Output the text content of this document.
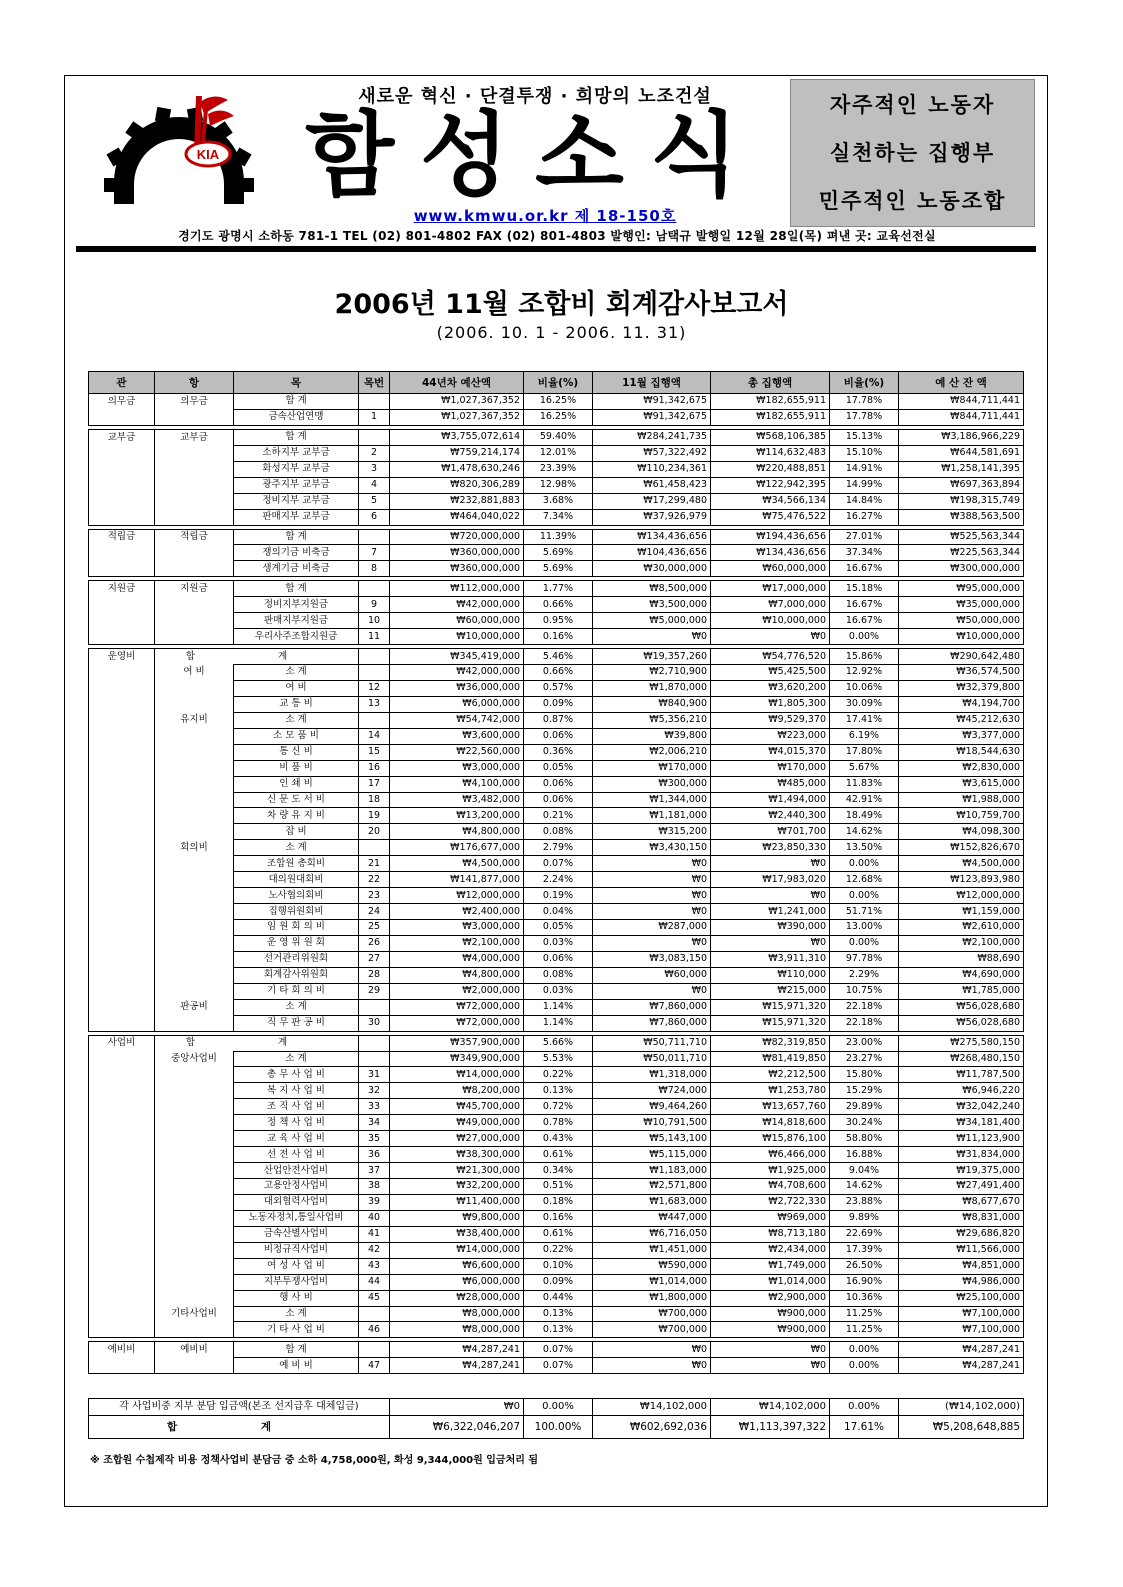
KIA
새로운 혁신 · 단결투쟁 · 희망의 노조건설
함성소식
www.kmwu.or.kr 제 18-150호
자주적인 노동자
실천하는 집행부
민주적인 노동조합
경기도 광명시 소하동 781-1 TEL (02) 801-4802 FAX (02) 801-4803 발행인: 남택규 발행일 12월 28일(목) 펴낸 곳: 교육선전실
2006년 11월 조합비 회계감사보고서
(2006. 10. 1 - 2006. 11. 31)
관	항	목	목번	44년차 예산액	비율(%)	11월 집행액	총 집행액	비율(%)	예 산 잔 액
의무금	의무금	합 계		₩1,027,367,352	16.25%	₩91,342,675	₩182,655,911	17.78%	₩844,711,441
		금속산업연맹	1	₩1,027,367,352	16.25%	₩91,342,675	₩182,655,911	17.78%	₩844,711,441

교부금	교부금	합 계		₩3,755,072,614	59.40%	₩284,241,735	₩568,106,385	15.13%	₩3,186,966,229
		소하지부 교부금	2	₩759,214,174	12.01%	₩57,322,492	₩114,632,483	15.10%	₩644,581,691
		화성지부 교부금	3	₩1,478,630,246	23.39%	₩110,234,361	₩220,488,851	14.91%	₩1,258,141,395
		광주지부 교부금	4	₩820,306,289	12.98%	₩61,458,423	₩122,942,395	14.99%	₩697,363,894
		정비지부 교부금	5	₩232,881,883	3.68%	₩17,299,480	₩34,566,134	14.84%	₩198,315,749
		판매지부 교부금	6	₩464,040,022	7.34%	₩37,926,979	₩75,476,522	16.27%	₩388,563,500

적립금	적립금	합 계		₩720,000,000	11.39%	₩134,436,656	₩194,436,656	27.01%	₩525,563,344
		쟁의기금 비축금	7	₩360,000,000	5.69%	₩104,436,656	₩134,436,656	37.34%	₩225,563,344
		생계기금 비축금	8	₩360,000,000	5.69%	₩30,000,000	₩60,000,000	16.67%	₩300,000,000

지원금	지원금	합 계		₩112,000,000	1.77%	₩8,500,000	₩17,000,000	15.18%	₩95,000,000
		정비지부지원금	9	₩42,000,000	0.66%	₩3,500,000	₩7,000,000	16.67%	₩35,000,000
		판매지부지원금	10	₩60,000,000	0.95%	₩5,000,000	₩10,000,000	16.67%	₩50,000,000
		우리사주조합지원금	11	₩10,000,000	0.16%	₩0	₩0	0.00%	₩10,000,000

운영비	합 계			₩345,419,000	5.46%	₩19,357,260	₩54,776,520	15.86%	₩290,642,480
	여 비	소 계		₩42,000,000	0.66%	₩2,710,900	₩5,425,500	12.92%	₩36,574,500
		여 비	12	₩36,000,000	0.57%	₩1,870,000	₩3,620,200	10.06%	₩32,379,800
		교 통 비	13	₩6,000,000	0.09%	₩840,900	₩1,805,300	30.09%	₩4,194,700
	유지비	소 계		₩54,742,000	0.87%	₩5,356,210	₩9,529,370	17.41%	₩45,212,630
		소 모 품 비	14	₩3,600,000	0.06%	₩39,800	₩223,000	6.19%	₩3,377,000
		통 신 비	15	₩22,560,000	0.36%	₩2,006,210	₩4,015,370	17.80%	₩18,544,630
		비 품 비	16	₩3,000,000	0.05%	₩170,000	₩170,000	5.67%	₩2,830,000
		인 쇄 비	17	₩4,100,000	0.06%	₩300,000	₩485,000	11.83%	₩3,615,000
		신 문 도 서 비	18	₩3,482,000	0.06%	₩1,344,000	₩1,494,000	42.91%	₩1,988,000
		차 량 유 지 비	19	₩13,200,000	0.21%	₩1,181,000	₩2,440,300	18.49%	₩10,759,700
		잡 비	20	₩4,800,000	0.08%	₩315,200	₩701,700	14.62%	₩4,098,300
	회의비	소 계		₩176,677,000	2.79%	₩3,430,150	₩23,850,330	13.50%	₩152,826,670
		조합원 총회비	21	₩4,500,000	0.07%	₩0	₩0	0.00%	₩4,500,000
		대의원대회비	22	₩141,877,000	2.24%	₩0	₩17,983,020	12.68%	₩123,893,980
		노사협의회비	23	₩12,000,000	0.19%	₩0	₩0	0.00%	₩12,000,000
		집행위원회비	24	₩2,400,000	0.04%	₩0	₩1,241,000	51.71%	₩1,159,000
		임 원 회 의 비	25	₩3,000,000	0.05%	₩287,000	₩390,000	13.00%	₩2,610,000
		운 영 위 원 회	26	₩2,100,000	0.03%	₩0	₩0	0.00%	₩2,100,000
		선거관리위원회	27	₩4,000,000	0.06%	₩3,083,150	₩3,911,310	97.78%	₩88,690
		회계감사위원회	28	₩4,800,000	0.08%	₩60,000	₩110,000	2.29%	₩4,690,000
		기 타 회 의 비	29	₩2,000,000	0.03%	₩0	₩215,000	10.75%	₩1,785,000
	판공비	소 계		₩72,000,000	1.14%	₩7,860,000	₩15,971,320	22.18%	₩56,028,680
		직 무 판 공 비	30	₩72,000,000	1.14%	₩7,860,000	₩15,971,320	22.18%	₩56,028,680

사업비	합 계			₩357,900,000	5.66%	₩50,711,710	₩82,319,850	23.00%	₩275,580,150
	중앙사업비	소 계		₩349,900,000	5.53%	₩50,011,710	₩81,419,850	23.27%	₩268,480,150
		총 무 사 업 비	31	₩14,000,000	0.22%	₩1,318,000	₩2,212,500	15.80%	₩11,787,500
		복 지 사 업 비	32	₩8,200,000	0.13%	₩724,000	₩1,253,780	15.29%	₩6,946,220
		조 직 사 업 비	33	₩45,700,000	0.72%	₩9,464,260	₩13,657,760	29.89%	₩32,042,240
		정 책 사 업 비	34	₩49,000,000	0.78%	₩10,791,500	₩14,818,600	30.24%	₩34,181,400
		교 육 사 업 비	35	₩27,000,000	0.43%	₩5,143,100	₩15,876,100	58.80%	₩11,123,900
		선 전 사 업 비	36	₩38,300,000	0.61%	₩5,115,000	₩6,466,000	16.88%	₩31,834,000
		산업안전사업비	37	₩21,300,000	0.34%	₩1,183,000	₩1,925,000	9.04%	₩19,375,000
		고용안정사업비	38	₩32,200,000	0.51%	₩2,571,800	₩4,708,600	14.62%	₩27,491,400
		대외협력사업비	39	₩11,400,000	0.18%	₩1,683,000	₩2,722,330	23.88%	₩8,677,670
		노동자정치,통일사업비	40	₩9,800,000	0.16%	₩447,000	₩969,000	9.89%	₩8,831,000
		금속산별사업비	41	₩38,400,000	0.61%	₩6,716,050	₩8,713,180	22.69%	₩29,686,820
		비정규직사업비	42	₩14,000,000	0.22%	₩1,451,000	₩2,434,000	17.39%	₩11,566,000
		여 성 사 업 비	43	₩6,600,000	0.10%	₩590,000	₩1,749,000	26.50%	₩4,851,000
		지부투쟁사업비	44	₩6,000,000	0.09%	₩1,014,000	₩1,014,000	16.90%	₩4,986,000
		행 사 비	45	₩28,000,000	0.44%	₩1,800,000	₩2,900,000	10.36%	₩25,100,000
	기타사업비	소 계		₩8,000,000	0.13%	₩700,000	₩900,000	11.25%	₩7,100,000
		기 타 사 업 비	46	₩8,000,000	0.13%	₩700,000	₩900,000	11.25%	₩7,100,000

예비비	예비비	합 계		₩4,287,241	0.07%	₩0	₩0	0.00%	₩4,287,241
		예 비 비	47	₩4,287,241	0.07%	₩0	₩0	0.00%	₩4,287,241
각 사업비중 지부 분담 입금액(본조 선지급후 대체입금)	₩0	0.00%	₩14,102,000	₩14,102,000	0.00%	(₩14,102,000)
합 계	₩6,322,046,207	100.00%	₩602,692,036	₩1,113,397,322	17.61%	₩5,208,648,885
※ 조합원 수첩제작 비용 정책사업비 분담금 중 소하 4,758,000원, 화성 9,344,000원 입금처리 됨
